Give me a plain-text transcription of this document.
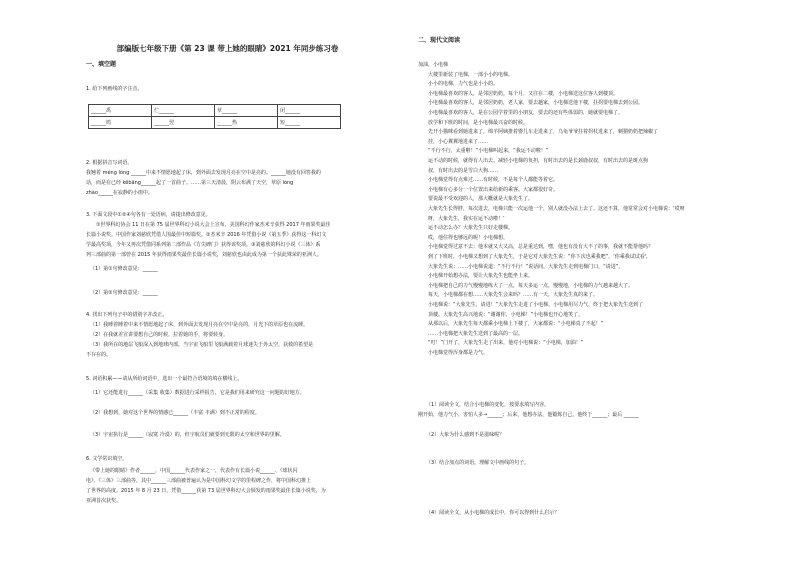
部编版七年级下册《第 23 课 带上她的眼睛》2021 年同步练习卷
一、填空题
1. 给下列画线的字注音。
______禹	伫______	草______	闭______
______鸠	______翌	______热	短______
2. 根据拼音写词语。
我翘着 méng lóng ______中来不情愿地起了床，到外面去发现月亮在空中是亮的。______她没有回答我的
话，而是在已经 kěbāng______起了一首曲子。……第三天清晨，阴云布满了天空，草原 lóng
zhào______在寂静的小雨中。
3. 下面文段中①②④句各有一处语病，请提出修改意见。
①世界科幻协会 11 日在第 75 届世界科幻小说大会上宣布，美国科幻作家杰米辛获得 2017 年雨果奖最佳
长篇小说奖。中国作家刘慈欣凭借人围最佳中短篇奖。②杰米辛 2016 年凭借小说《第五季》获得这一科幻文
学最高奖项，今年又再次凭借同系列第二部作品《方尖碑门》获得该奖项。③刘慈欣的科幻小说《三体》系
列三部曲的第一部曾在 2015 年获得雨果奖最佳长篇小说奖，刘慈欣也由此成为第一个获此殊荣的亚洲人。
（1）第①句修改意见：______
（2）第②句修改意见：______
4. 找出下列句子中的错别字并改正。
（1）我睡着睡着中来不情愿地起了床，到外面去发现月亮在空中是亮的，月光下的草原也在流睡。
（2）在我就差宣讲要想自己的时候，拉着她的手，将要转身。
（3）我所在的地层飞船深入到地球内部，当宇宙飞船里飞船满载着月球迷失于外太空，获救的希望是
不存在的。
5. 词语积累——请从所给词语中，选出一个最符合语境的填在横线上。
（1）它还能进行______（采集 收集）数据进行采样报告，它是我们用来研究这一问题的好地方。
（2）我想到，她对这个世界的情感已______（丰富 丰满）到不正常的程度。
（3）宇宙执行是______（寂寞 冷漠）的，但宇航员们就要到无限的太空和世界的里解。
6. 文学常识填空。
《带上她的眼睛》作者______，中国______代表作家之一，代表作有长篇小说______、《球状闪
电》、《三体》三部曲等，其中______三部曲被普遍认为是中国科幻文学的里程碑之作，将中国科幻推上
了世界的高度。2015 年 8 月 23 日，凭借______获第 73 届世界科幻大会颁发的雨果奖最佳长篇小说奖，为
亚洲首次获奖。
二、现代文阅读
加油，小电梯
大楼里新装了电梯，一部小小的电梯。
小小的电梯，力气也是小小的。
小电梯最喜欢的客人，是邻居奶奶。每个月，又往在二楼，小电梯送这位客人到楼顶。
小电梯最喜欢的客人，是邻居奶奶，老人家，要去趟家，小电梯送他下楼，拄拐要电梯去到公园。
小电梯最喜欢的客人，是在公园学着里的小朋友，要去的还有些体弱的，她就要电梯了。
放学和下班的时间，是小电梯最兴奋的时候。
先开小猫咪看到她进来了，绵羊阿姨推着婴儿车走进来了，乌龟爷爷拄着拐杖进来了，刺猬奶奶把辣椒了
挂，小心翼翼地进来了……
“不行不行，太重啦！”小电梯叫起来，“我运不动啦！”
运不动的时候，就得有人出去。减轻小电梯的负担，有时出去的是长颈鹿叔叔，有时出去的是斑点狗
叔，有时出去的是雪白大狗……
小电梯觉得有点难过……有时候，不是每个人都能等着它。
小电梯有心多分一个位置出来给新的乘客。大家都很好奇。
要说最不受欢迎的人，那大概就是大象先生了。
大象先生长得胖，每次进去，电梯只能一次运他一个，别人就没办法上去了。这还不算，他常常会对小电梯说：‘哎呀
呀，大象先生，我实在运不动啦！’
运不动怎么办？大象先生只好走楼梯。
哎，他住得也够远的呢！小电梯想。
小电梯觉得过意不去：他本就又大又高，总是重达到，嘿，他也有没有大不了的事，我就不能帮他吗？
到了下班时，小电梯又想到了大象先生，于是它对大象先生说：“你下次也乘我吧”，‘你乘我试试看',
大象先生说：……小电梯说道：“不行不行！”说话间，大象先生走到电梯门口，“请进”。
小电梯开始想办法，要让大象先生也能坐上来。
小电梯把自己的力气慢慢地练大了一点，每天多运一点，慢慢地，小电梯的力气越来越大了。
每天，小电梯都在想……大象先生会来吗？……有一天，大象先生真的来了。
小电梯说：“大象先生，请进！”大象先生走进了小电梯。小电梯用尽力气，终于把大象先生送到了
顶楼。大象先生高兴地说：“谢谢你，小电梯！”小电梯也开心地笑了。
从那以后，大象先生每天都乘小电梯上下楼了，大家都说：“小电梯真了不起！”
……小电梯把大象先生送到了最高的一层。
“叮！”门开了，大象先生走了出来，他对小电梯说：“小电梯，加油！”
小电梯觉得浑身都是力气。
（1）阅读全文，结合小电梯的变化，按要求填写内容。
刚开始，他力气小，害怕人多→______；后来，他想办法，他锻炼自己，他终于______；最后 ______
（2）大象为什么感到不是滋味呢？
（3）结合加点的词语，理解文中画线的句子。
（4）阅读全文，从小电梯的成长中，你可以得到什么启示？
